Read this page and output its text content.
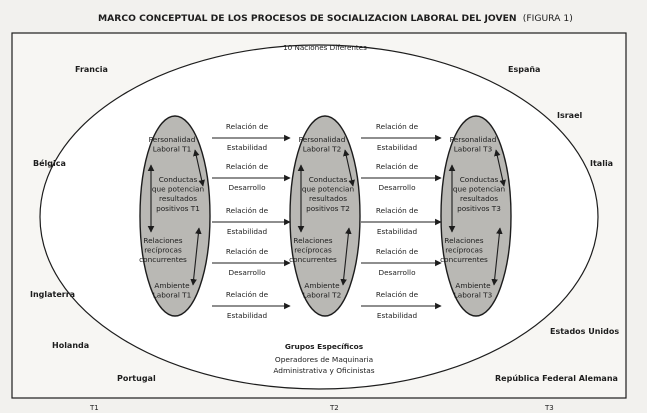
MARCO CONCEPTUAL DE LOS PROCESOS DE SOCIALIZACION LABORAL DEL JOVEN (FIGURA 1)
10 Naciones Diferentes
Francia	España
Israel
Bélgica	Italia
Inglaterra
Holanda
Estados Unidos
Portugal	República Federal Alemana
Personalidad
Laboral T1
Conductas
que potencian
resultados
positivos T1
Relaciones
recíprocas
concurrentes
Ambiente
Laboral T1
Personalidad
Laboral T2
Conductas
que potencian
resultados
positivos T2
Relaciones
recíprocas
concurrentes
Ambiente
Laboral T2
Personalidad
Laboral T3
Conductas
que potencian
resultados
positivos T3
Relaciones
recíprocas
concurrentes
Ambiente
Laboral T3
Relación de
Estabilidad
Relación de
Desarrollo
Relación de
Estabilidad
Relación de
Desarrollo
Relación de
Estabilidad
Relación de
Estabilidad
Relación de
Desarrollo
Relación de
Estabilidad
Relación de
Desarrollo
Relación de
Estabilidad
Grupos Específicos
Operadores de Maquinaria
Administrativa y Oficinistas
T1	T2	T3
